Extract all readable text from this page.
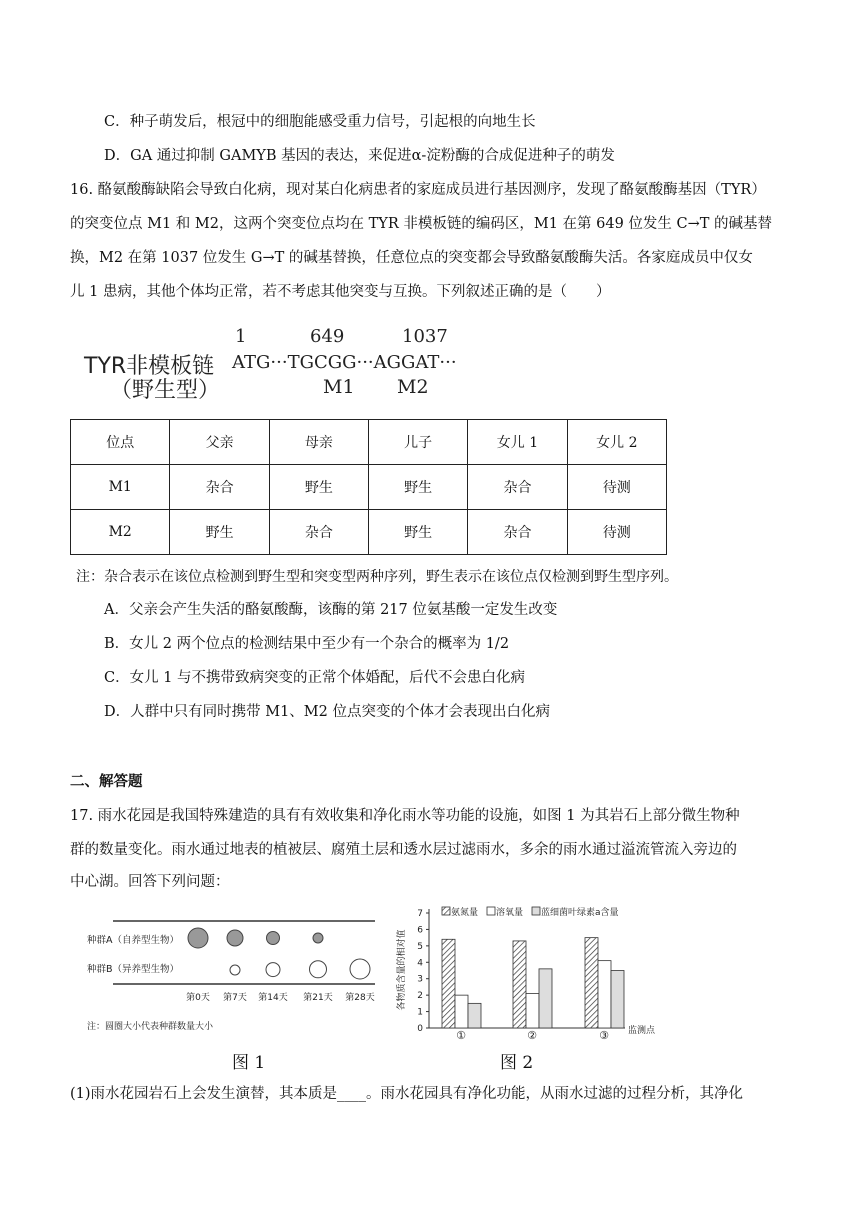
C．种子萌发后，根冠中的细胞能感受重力信号，引起根的向地生长
D．GA 通过抑制 GAMYB 基因的表达，来促进α-淀粉酶的合成促进种子的萌发
16. 酪氨酸酶缺陷会导致白化病，现对某白化病患者的家庭成员进行基因测序，发现了酪氨酸酶基因（TYR）
的突变位点 M1 和 M2，这两个突变位点均在 TYR 非模板链的编码区，M1 在第 649 位发生 C→T 的碱基替
换，M2 在第 1037 位发生 G→T 的碱基替换，任意位点的突变都会导致酪氨酸酶失活。各家庭成员中仅女
儿 1 患病，其他个体均正常，若不考虑其他突变与互换。下列叙述正确的是（　　）
1	649	1037
TYR非模板链 ATG···TGCGG···AGGAT···
（野生型）	M1 M2
位点	父亲	母亲	儿子	女儿 1	女儿 2
M1	杂合	野生	野生	杂合	待测
M2	野生	杂合	野生	杂合	待测
注：杂合表示在该位点检测到野生型和突变型两种序列，野生表示在该位点仅检测到野生型序列。
A．父亲会产生失活的酪氨酸酶，该酶的第 217 位氨基酸一定发生改变
B．女儿 2 两个位点的检测结果中至少有一个杂合的概率为 1/2
C．女儿 1 与不携带致病突变的正常个体婚配，后代不会患白化病
D．人群中只有同时携带 M1、M2 位点突变的个体才会表现出白化病
二、解答题
17. 雨水花园是我国特殊建造的具有有效收集和净化雨水等功能的设施，如图 1 为其岩石上部分微生物种
群的数量变化。雨水通过地表的植被层、腐殖土层和透水层过滤雨水，多余的雨水通过溢流管流入旁边的
中心湖。回答下列问题：
种群A（自养型生物）
种群B（异养型生物）
第0天 第7天 第14天 第21天 第28天
注：圆圈大小代表种群数量大小
图 1
各物质含量的相对值
0
1
2
3
4
5
6
7
①	②	③ 监测点
氨氮量 溶氧量 蓝细菌叶绿素a含量
图 2
(1)雨水花园岩石上会发生演替，其本质是____。雨水花园具有净化功能，从雨水过滤的过程分析，其净化
